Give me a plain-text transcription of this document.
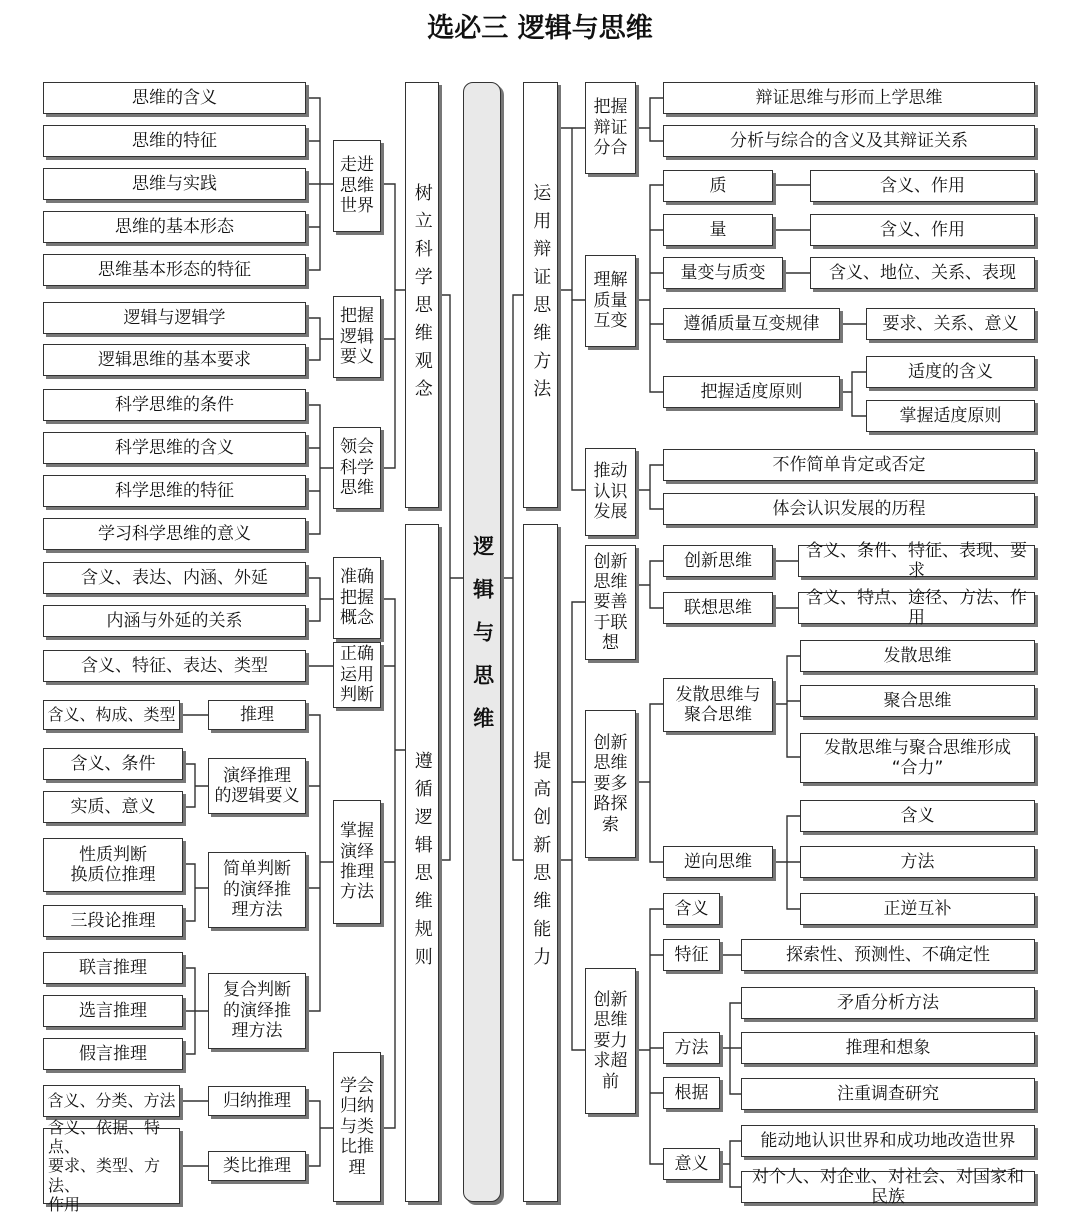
选必三 逻辑与思维
逻辑与思维
树立科学思维观念
遵循逻辑思维规则
运用辩证思维方法
提高创新思维能力
走进
思维
世界
思维的含义
思维的特征
思维与实践
思维的基本形态
思维基本形态的特征
把握
逻辑
要义
逻辑与逻辑学
逻辑思维的基本要求
领会
科学
思维
科学思维的条件
科学思维的含义
科学思维的特征
学习科学思维的意义
准确
把握
概念
含义、表达、内涵、外延
内涵与外延的关系
正确
运用
判断
含义、特征、表达、类型
掌握
演绎
推理
方法
推理
含义、构成、类型
演绎推理
的逻辑要义
含义、条件
实质、意义
简单判断
的演绎推
理方法
性质判断
换质位推理
三段论推理
复合判断
的演绎推
理方法
联言推理
选言推理
假言推理
学会
归纳
与类
比推
理
归纳推理
含义、分类、方法
类比推理
含义、依据、特点、
要求、类型、方法、
作用
把握
辩证
分合
辩证思维与形而上学思维
分析与综合的含义及其辩证关系
理解
质量
互变
质	含义、作用
量	含义、作用
量变与质变	含义、地位、关系、表现
遵循质量互变规律	要求、关系、意义
把握适度原则
适度的含义
掌握适度原则
推动
认识
发展
不作简单肯定或否定
体会认识发展的历程
创新
思维
要善
于联
想
创新思维
含义、条件、特征、表现、要求
联想思维
含义、特点、途径、方法、作用
创新
思维
要多
路探
索
发散思维与
聚合思维
发散思维
聚合思维
发散思维与聚合思维形成
“合力”
逆向思维
含义
方法
正逆互补
创新
思维
要力
求超
前
含义
特征	探索性、预测性、不确定性
方法
矛盾分析方法
推理和想象
注重调查研究
根据
意义
能动地认识世界和成功地改造世界
对个人、对企业、对社会、对国家和民族
